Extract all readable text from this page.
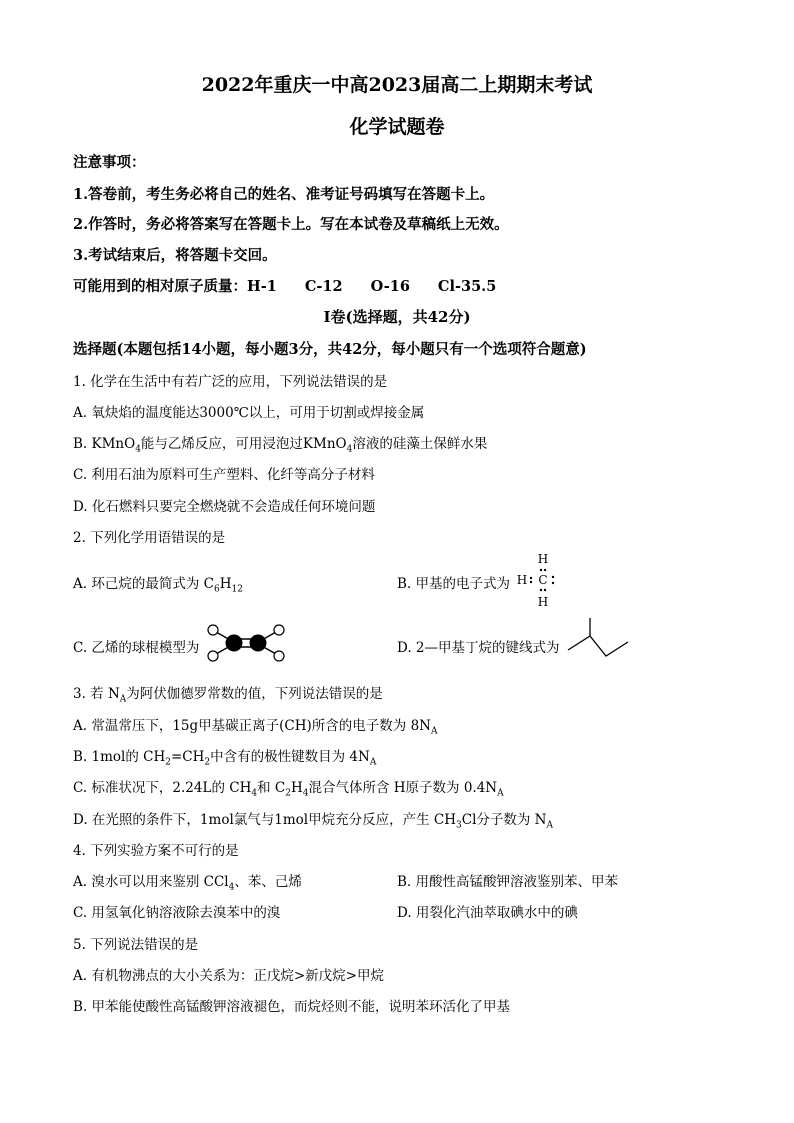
2022年重庆一中高2023届高二上期期末考试
化学试题卷
注意事项：
1.答卷前，考生务必将自己的姓名、准考证号码填写在答题卡上。
2.作答时，务必将答案写在答题卡上。写在本试卷及草稿纸上无效。
3.考试结束后，将答题卡交回。
可能用到的相对原子质量：H-1 C-12 O-16 Cl-35.5
Ⅰ卷(选择题，共42分)
选择题(本题包括14小题，每小题3分，共42分，每小题只有一个选项符合题意)
1. 化学在生活中有若广泛的应用，下列说法错误的是
A. 氧炔焰的温度能达3000℃以上，可用于切割或焊接金属
B. KMnO$_4$能与乙烯反应，可用浸泡过KMnO$_4$溶液的硅藻土保鲜水果
C. 利用石油为原料可生产塑料、化纤等高分子材料
D. 化石燃料只要完全燃烧就不会造成任何环境问题
2. 下列化学用语错误的是
A. 环己烷的最简式为 $C_6H_{12}$	B. 甲基的电子式为
H
H C
H
C. 乙烯的球棍模型为	D. 2—甲基丁烷的键线式为
3. 若 $N_A$为阿伏伽德罗常数的值，下列说法错误的是
A. 常温常压下，15g甲基碳正离子(CH)所含的电子数为 $8N_A$
B. 1mol的 $CH_2=CH_2$中含有的极性键数目为 $4N_A$
C. 标准状况下，2.24L的 $CH_4$和 $C_2H_4$混合气体所含 H原子数为 $0.4N_A$
D. 在光照的条件下，1mol氯气与1mol甲烷充分反应，产生 $CH_3Cl$分子数为 $N_A$
4. 下列实验方案不可行的是
A. 溴水可以用来鉴别 CCl$_4$、苯、己烯	B. 用酸性高锰酸钾溶液鉴别苯、甲苯
C. 用氢氧化钠溶液除去溴苯中的溴	D. 用裂化汽油萃取碘水中的碘
5. 下列说法错误的是
A. 有机物沸点的大小关系为：正戊烷>新戊烷>甲烷
B. 甲苯能使酸性高锰酸钾溶液褪色，而烷烃则不能，说明苯环活化了甲基
